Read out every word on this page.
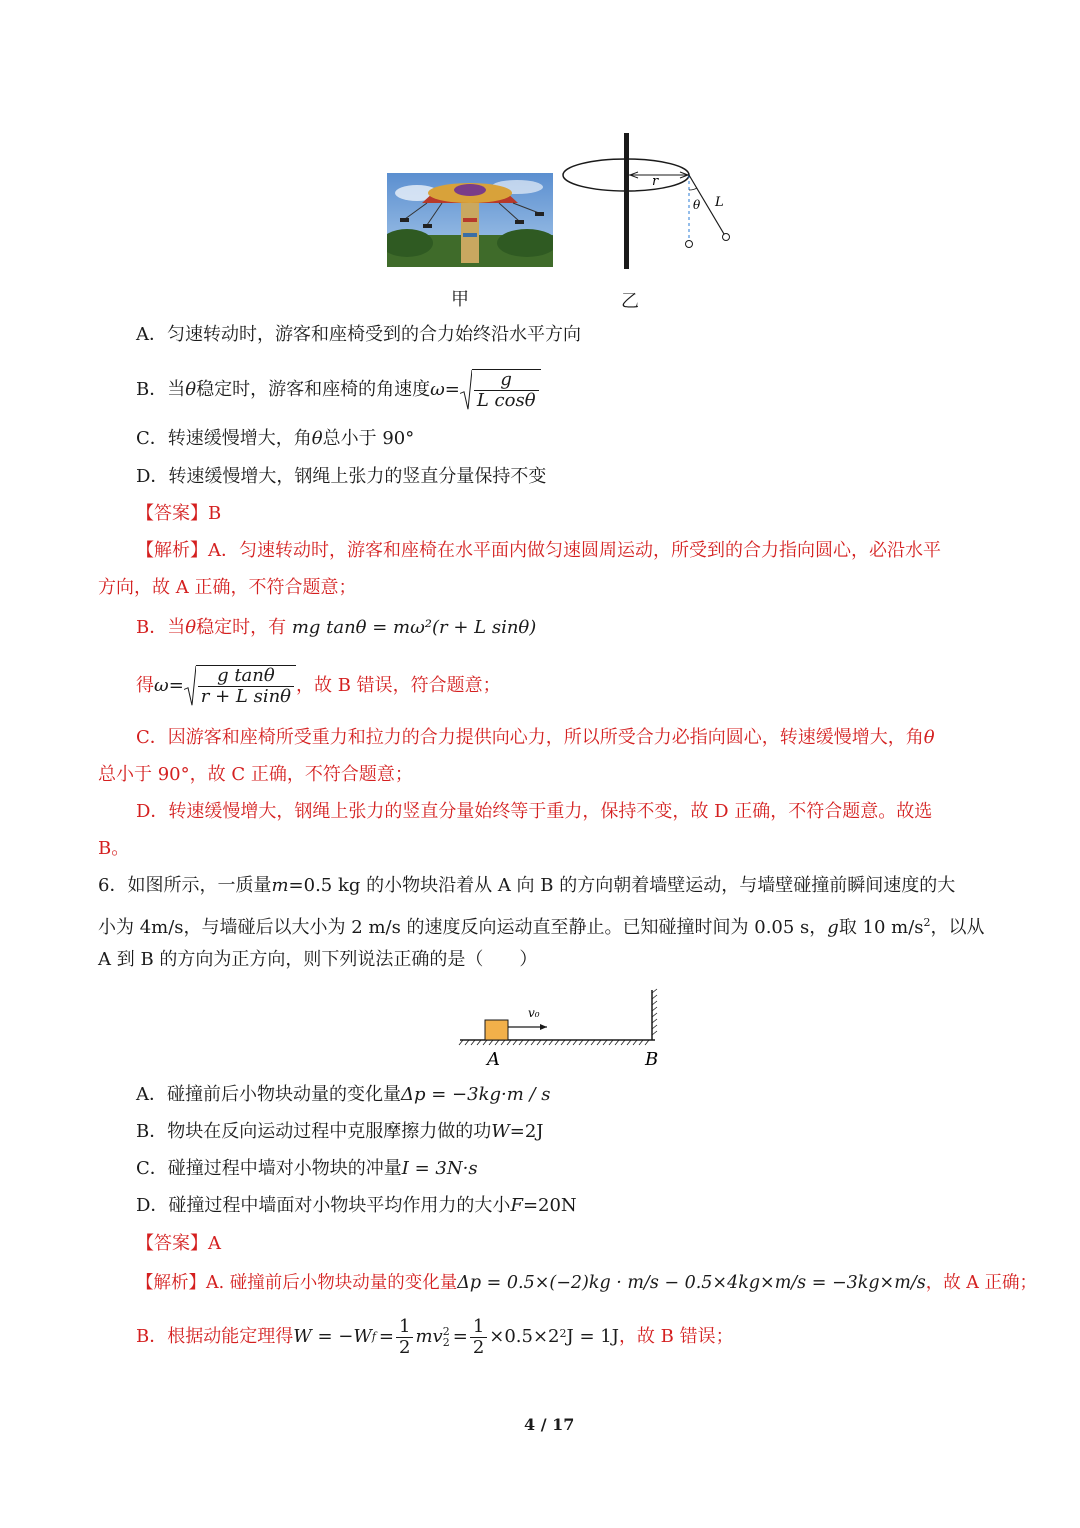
r
θ L
甲	乙
A．匀速转动时，游客和座椅受到的合力始终沿水平方向
B．当 θ 稳定时，游客和座椅的角速度 $\omega = \frac{g}{\text{L cosθ}}$
C．转速缓慢增大，角θ总小于 90°
D．转速缓慢增大，钢绳上张力的竖直分量保持不变
【答案】B
【解析】A．匀速转动时，游客和座椅在水平面内做匀速圆周运动，所受到的合力指向圆心，必沿水平
方向，故 A 正确，不符合题意；
B．当θ稳定时，有 mg tanθ = mω²(r + L sinθ)
得 $\omega = \frac{\text{g tanθ}}{\text{r + L sinθ}}$ ，故 B 错误，符合题意；
C．因游客和座椅所受重力和拉力的合力提供向心力，所以所受合力必指向圆心，转速缓慢增大，角θ
总小于 90°，故 C 正确，不符合题意；
D．转速缓慢增大，钢绳上张力的竖直分量始终等于重力，保持不变，故 D 正确，不符合题意。故选
B。
6．如图所示，一质量m=0.5 kg 的小物块沿着从 A 向 B 的方向朝着墙壁运动，与墙壁碰撞前瞬间速度的大
小为 4m/s，与墙碰后以大小为 2 m/s 的速度反向运动直至静止。已知碰撞时间为 0.05 s，g取 10 $m/s^2$，以从
A 到 B 的方向为正方向，则下列说法正确的是（　　）
v₀
A	B
A．碰撞前后小物块动量的变化量Δp = −3kg·m / s
B．物块在反向运动过程中克服摩擦力做的功W=2J
C．碰撞过程中墙对小物块的冲量I = 3N·s
D．碰撞过程中墙面对小物块平均作用力的大小F=20N
【答案】A
【解析】A. 碰撞前后小物块动量的变化量Δp = 0.5×(−2)kg · m/s − 0.5×4kg×m/s = −3kg×m/s，故 A 正确；
B．根据动能定理得 W = −W $f = \frac{1}{2}$ mv 2
$2 = \frac{1}{2} \times 0.5\times 2$ 2 J = 1J ，故 B 错误；
4 / 17
